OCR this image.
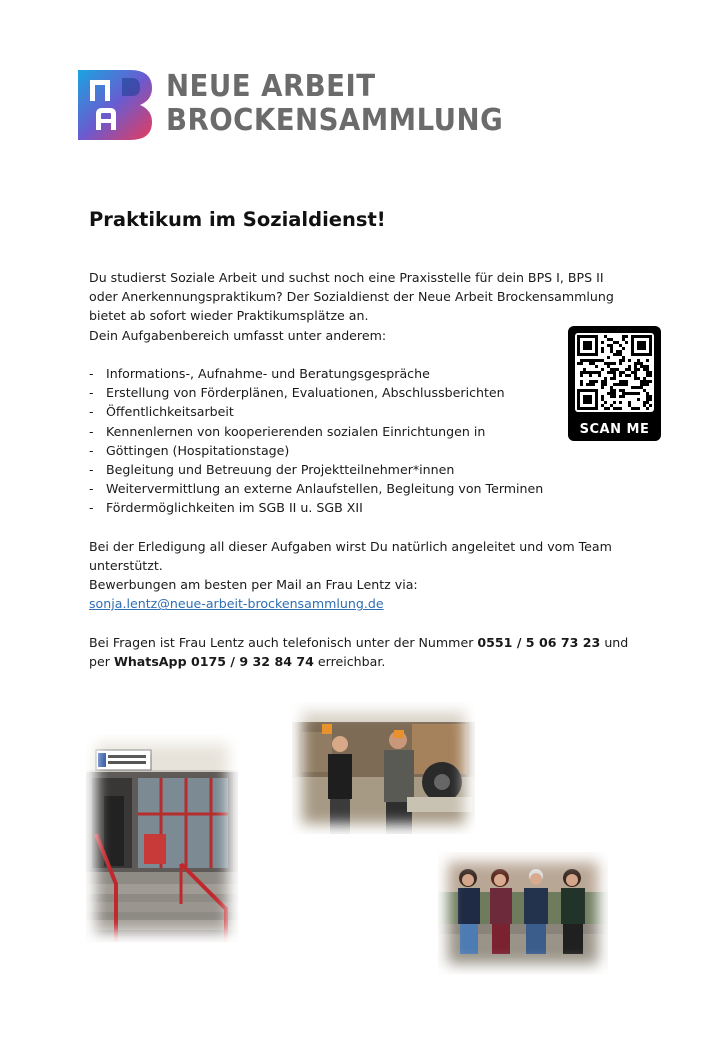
NEUE ARBEIT
BROCKENSAMMLUNG
Praktikum im Sozialdienst!

Du studierst Soziale Arbeit und suchst noch eine Praxisstelle für dein BPS I, BPS II

oder Anerkennungspraktikum? Der Sozialdienst der Neue Arbeit Brockensammlung

bietet ab sofort wieder Praktikumsplätze an.

Dein Aufgabenbereich umfasst unter anderem:

- Informations-, Aufnahme- und Beratungsgespräche
- Erstellung von Förderplänen, Evaluationen, Abschlussberichten
- Öffentlichkeitsarbeit
- Kennenlernen von kooperierenden sozialen Einrichtungen in
- Göttingen (Hospitationstage)
- Begleitung und Betreuung der Projektteilnehmer*innen
- Weitervermittlung an externe Anlaufstellen, Begleitung von Terminen
- Fördermöglichkeiten im SGB II u. SGB XII

Bei der Erledigung all dieser Aufgaben wirst Du natürlich angeleitet und vom Team

unterstützt.

Bewerbungen am besten per Mail an Frau Lentz via:

sonja.lentz@neue-arbeit-brockensammlung.de

Bei Fragen ist Frau Lentz auch telefonisch unter der Nummer 0551 / 5 06 73 23 und

per WhatsApp 0175 / 9 32 84 74 erreichbar.

SCAN ME
